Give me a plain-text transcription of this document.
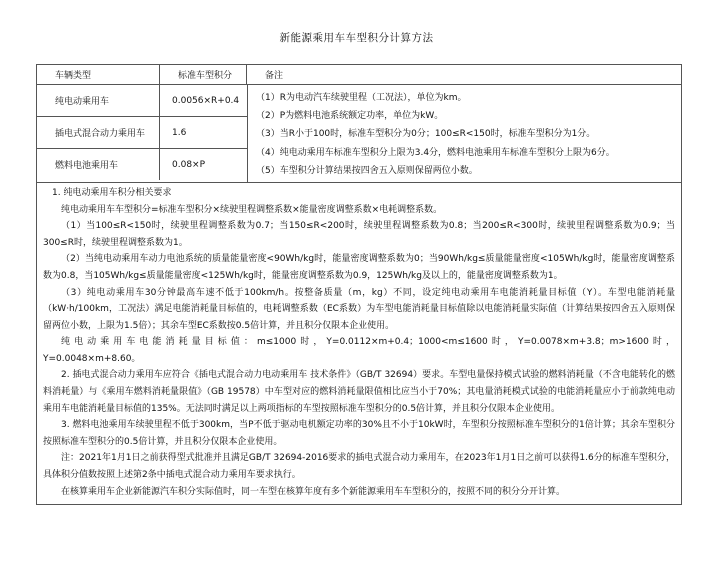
新能源乘用车车型积分计算方法
车辆类型	标准车型积分	备注
纯电动乘用车	0.0056×R+0.4
插电式混合动力乘用车	1.6
燃料电池乘用车	0.08×P
（1）R为电动汽车续驶里程（工况法），单位为km。
（2）P为燃料电池系统额定功率，单位为kW。
（3）当R小于100时，标准车型积分为0分；100≤R<150时，标准车型积分为1分。
（4）纯电动乘用车标准车型积分上限为3.4分，燃料电池乘用车标准车型积分上限为6分。
（5）车型积分计算结果按四舍五入原则保留两位小数。

1. 纯电动乘用车积分相关要求

纯电动乘用车车型积分=标准车型积分×续驶里程调整系数×能量密度调整系数×电耗调整系数。

（1）当100≤R<150时，续驶里程调整系数为0.7；当150≤R<200时，续驶里程调整系数为0.8；当200≤R<300时，续驶里程调整系数为0.9；当300≤R时，续驶里程调整系数为1。

（2）当纯电动乘用车动力电池系统的质量能量密度<90Wh/kg时，能量密度调整系数为0；当90Wh/kg≤质量能量密度<105Wh/kg时，能量密度调整系数为0.8，当105Wh/kg≤质量能量密度<125Wh/kg时，能量密度调整系数为0.9，125Wh/kg及以上的，能量密度调整系数为1。

（3）纯电动乘用车30分钟最高车速不低于100km/h。按整备质量（m，kg）不同，设定纯电动乘用车电能消耗量目标值（Y）。车型电能消耗量（kW·h/100km，工况法）满足电能消耗量目标值的，电耗调整系数（EC系数）为车型电能消耗量目标值除以电能消耗量实际值（计算结果按四舍五入原则保留两位小数，上限为1.5倍）；其余车型EC系数按0.5倍计算，并且积分仅限本企业使用。

纯电动乘用车电能消耗量目标值：m≤1000时，Y=0.0112×m+0.4；1000<m≤1600时，Y=0.0078×m+3.8；m>1600时，Y=0.0048×m+8.60。

2. 插电式混合动力乘用车应符合《插电式混合动力电动乘用车 技术条件》（GB/T 32694）要求。车型电量保持模式试验的燃料消耗量（不含电能转化的燃料消耗量）与《乘用车燃料消耗量限值》（GB 19578）中车型对应的燃料消耗量限值相比应当小于70%；其电量消耗模式试验的电能消耗量应小于前款纯电动乘用车电能消耗量目标值的135%。无法同时满足以上两项指标的车型按照标准车型积分的0.5倍计算，并且积分仅限本企业使用。

3. 燃料电池乘用车续驶里程不低于300km，当P不低于驱动电机额定功率的30%且不小于10kW时，车型积分按照标准车型积分的1倍计算；其余车型积分按照标准车型积分的0.5倍计算，并且积分仅限本企业使用。

注：2021年1月1日之前获得型式批准并且满足GB/T 32694-2016要求的插电式混合动力乘用车，在2023年1月1日之前可以获得1.6分的标准车型积分，具体积分值数按照上述第2条中插电式混合动力乘用车要求执行。

在核算乘用车企业新能源汽车积分实际值时，同一车型在核算年度有多个新能源乘用车车型积分的，按照不同的积分分开计算。
